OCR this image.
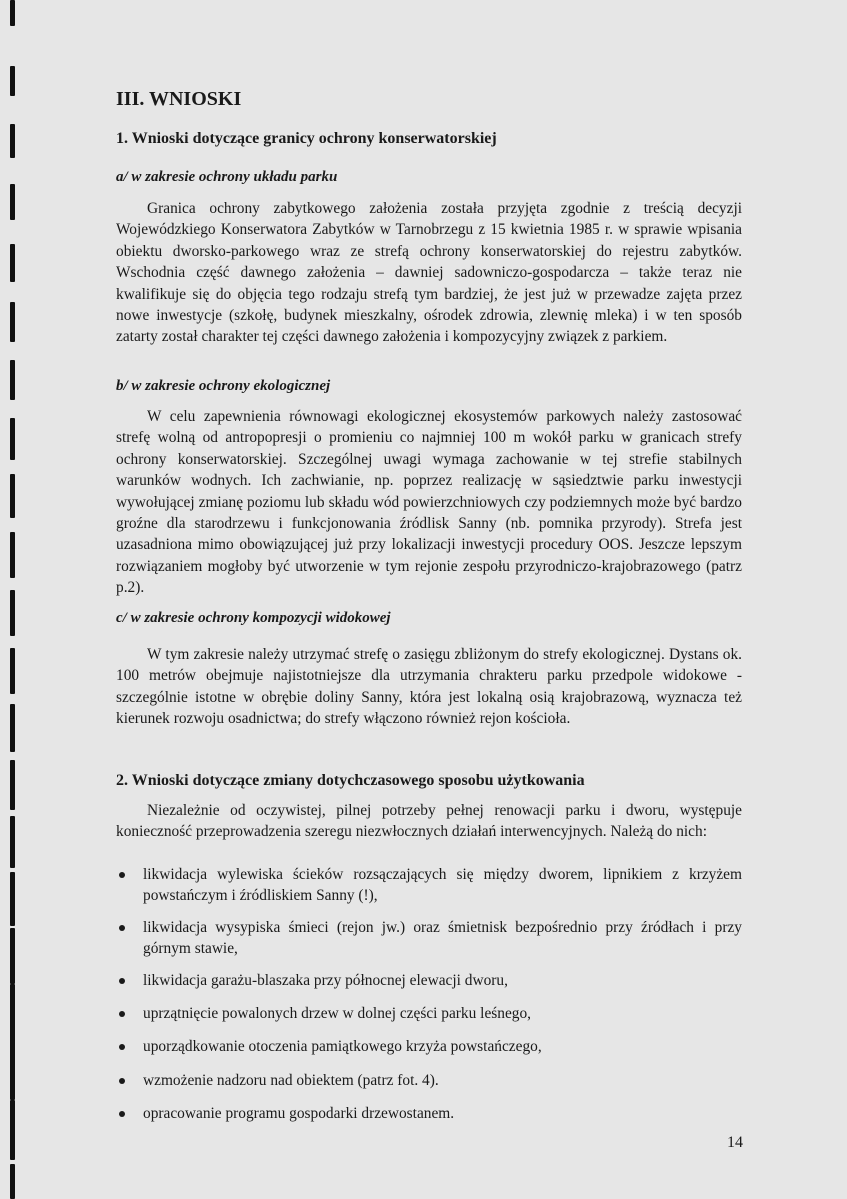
III. WNIOSKI
1. Wnioski dotyczące granicy ochrony konserwatorskiej
a/ w zakresie ochrony układu parku

Granica ochrony zabytkowego założenia została przyjęta zgodnie z treścią decyzji Wojewódzkiego Konserwatora Zabytków w Tarnobrzegu z 15 kwietnia 1985 r. w sprawie wpisania obiektu dworsko-parkowego wraz ze strefą ochrony konserwatorskiej do rejestru zabytków. Wschodnia część dawnego założenia – dawniej sadowniczo-gospodarcza – także teraz nie kwalifikuje się do objęcia tego rodzaju strefą tym bardziej, że jest już w przewadze zajęta przez nowe inwestycje (szkołę, budynek mieszkalny, ośrodek zdrowia, zlewnię mleka) i w ten sposób zatarty został charakter tej części dawnego założenia i kompozycyjny związek z parkiem.

b/ w zakresie ochrony ekologicznej

W celu zapewnienia równowagi ekologicznej ekosystemów parkowych należy zastosować strefę wolną od antropopresji o promieniu co najmniej 100 m wokół parku w granicach strefy ochrony konserwatorskiej. Szczególnej uwagi wymaga zachowanie w tej strefie stabilnych warunków wodnych. Ich zachwianie, np. poprzez realizację w sąsiedztwie parku inwestycji wywołującej zmianę poziomu lub składu wód powierzchniowych czy podziemnych może być bardzo groźne dla starodrzewu i funkcjonowania źródlisk Sanny (nb. pomnika przyrody). Strefa jest uzasadniona mimo obowiązującej już przy lokalizacji inwestycji procedury OOS. Jeszcze lepszym rozwiązaniem mogłoby być utworzenie w tym rejonie zespołu przyrodniczo-krajobrazowego (patrz p.2).

c/ w zakresie ochrony kompozycji widokowej

W tym zakresie należy utrzymać strefę o zasięgu zbliżonym do strefy ekologicznej. Dystans ok. 100 metrów obejmuje najistotniejsze dla utrzymania chrakteru parku przedpole widokowe - szczególnie istotne w obrębie doliny Sanny, która jest lokalną osią krajobrazową, wyznacza też kierunek rozwoju osadnictwa; do strefy włączono również rejon kościoła.

2. Wnioski dotyczące zmiany dotychczasowego sposobu użytkowania

Niezależnie od oczywistej, pilnej potrzeby pełnej renowacji parku i dworu, występuje konieczność przeprowadzenia szeregu niezwłocznych działań interwencyjnych. Należą do nich:

likwidacja wylewiska ścieków rozsączających się między dworem, lipnikiem z krzyżem powstańczym i źródliskiem Sanny (!),
likwidacja wysypiska śmieci (rejon jw.) oraz śmietnisk bezpośrednio przy źródłach i przy górnym stawie,
likwidacja garażu-blaszaka przy północnej elewacji dworu,
uprzątnięcie powalonych drzew w dolnej części parku leśnego,
uporządkowanie otoczenia pamiątkowego krzyża powstańczego,
wzmożenie nadzoru nad obiektem (patrz fot. 4).
opracowanie programu gospodarki drzewostanem.

14
